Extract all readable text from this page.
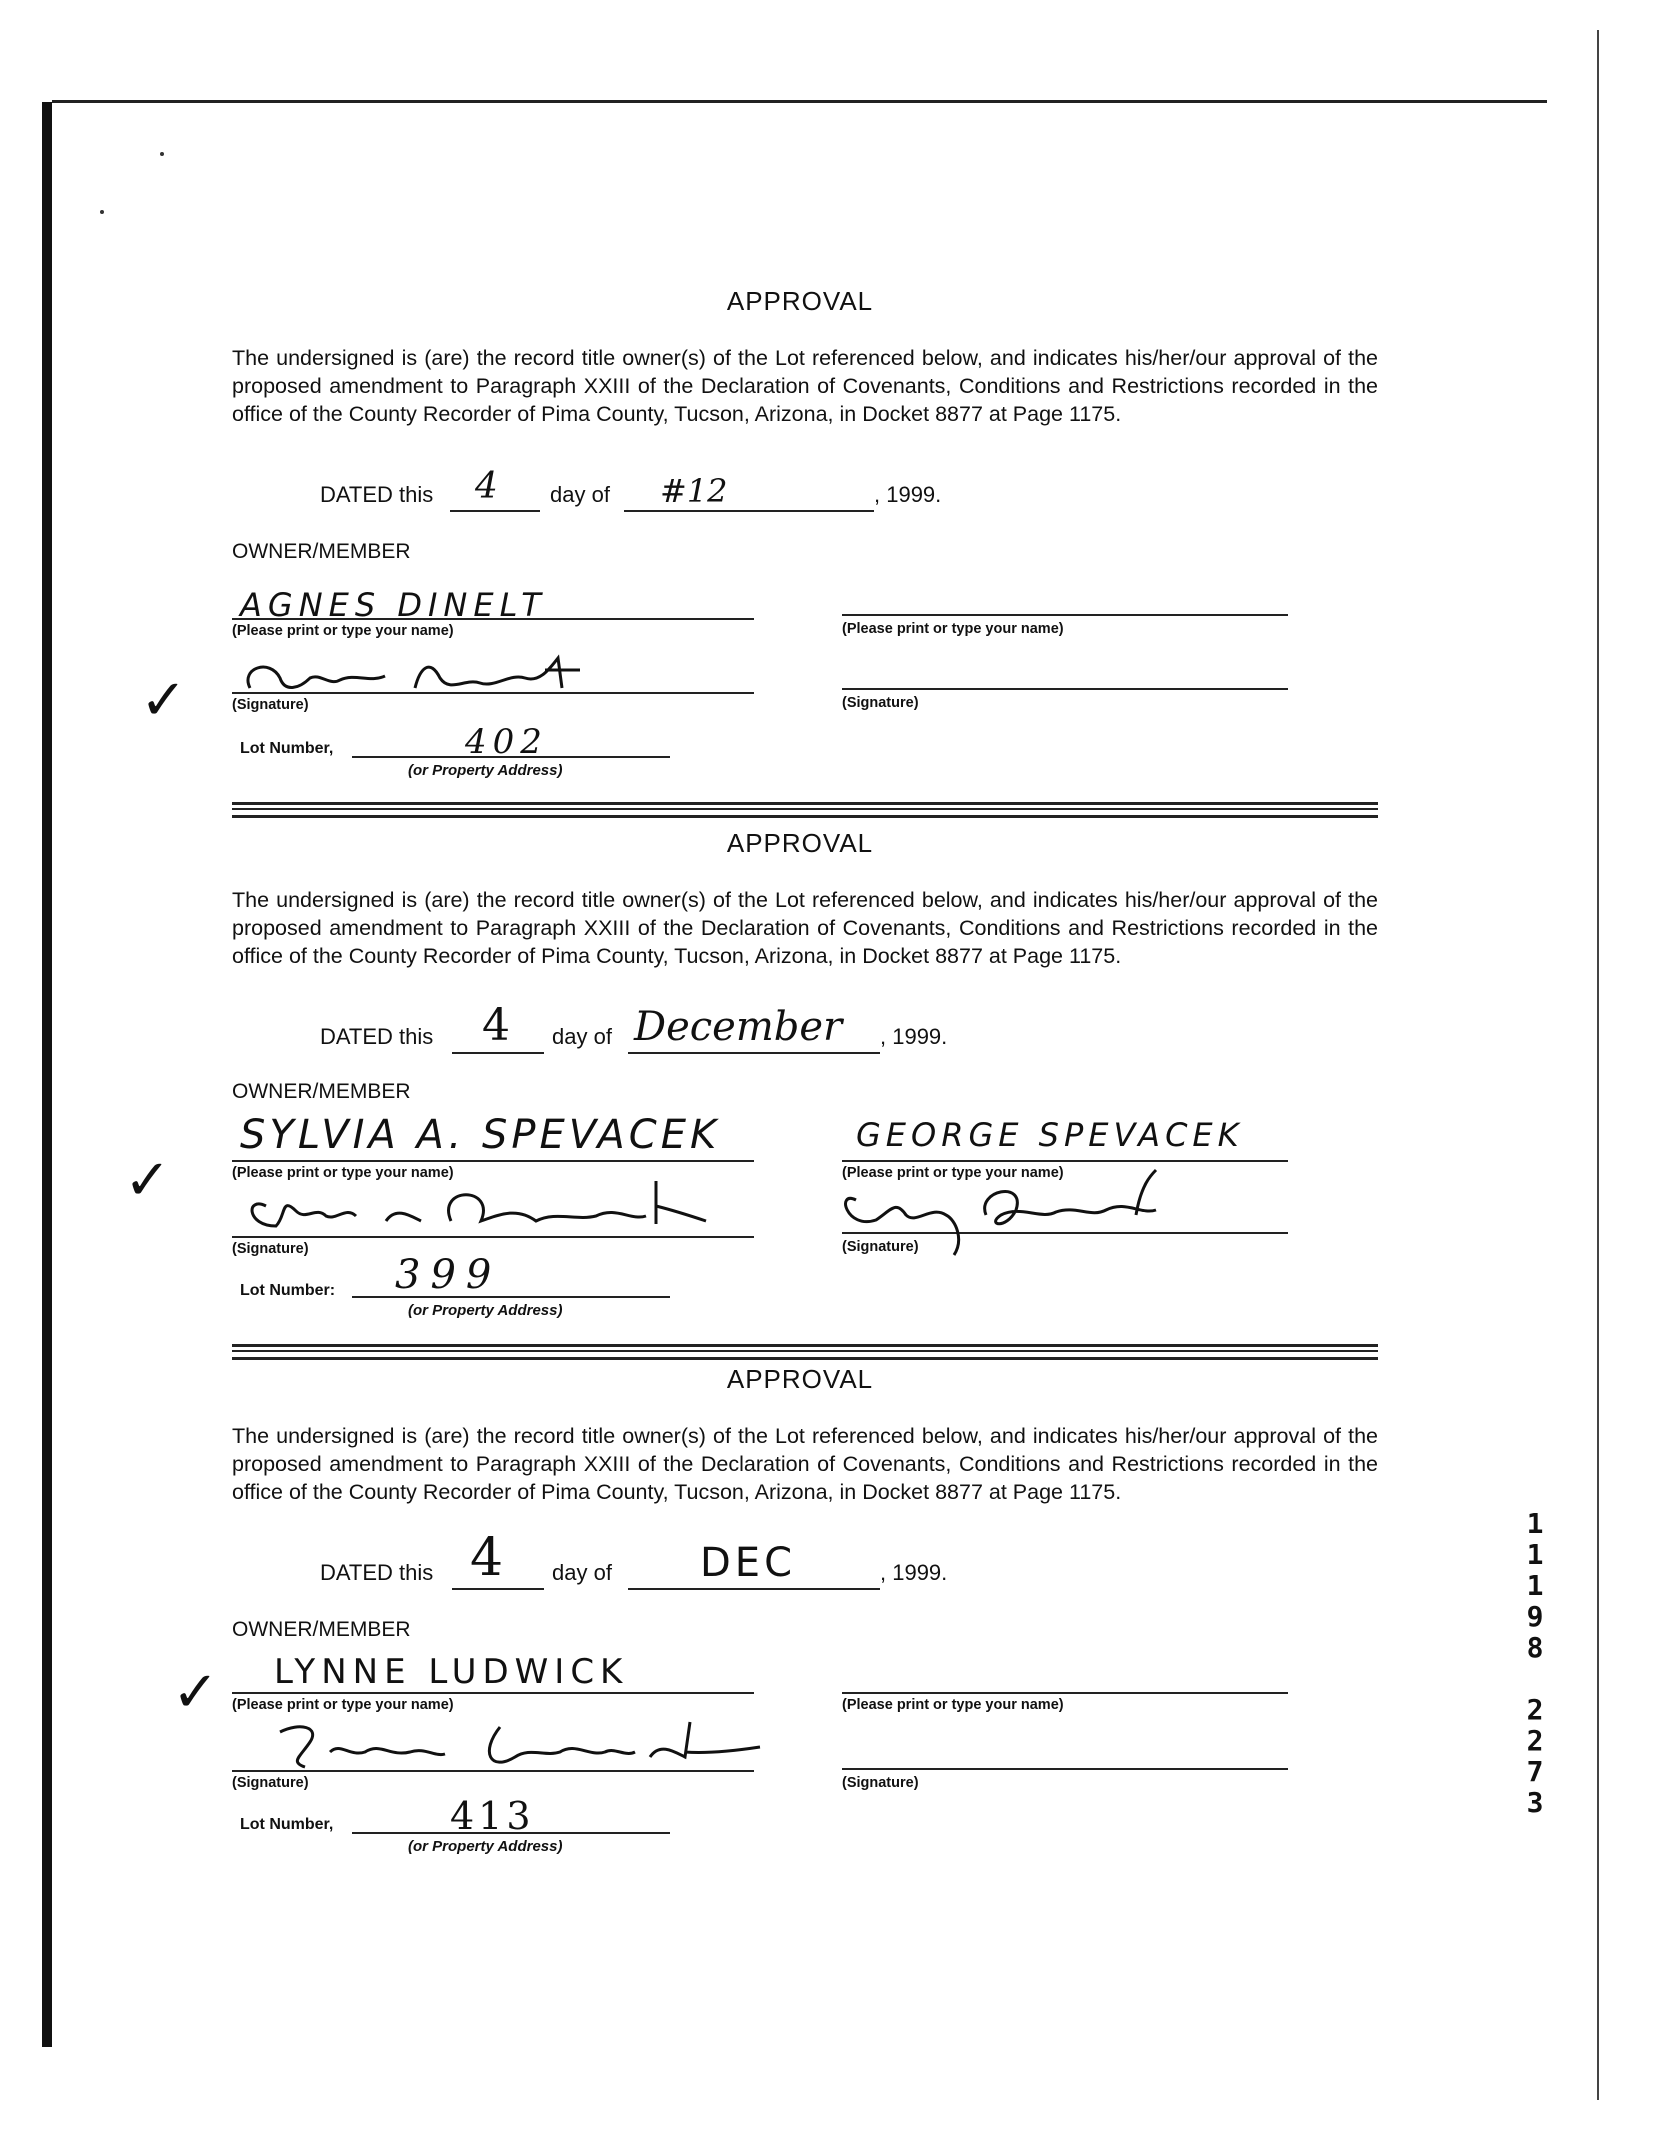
APPROVAL
The undersigned is (are) the record title owner(s) of the Lot referenced below, and indicates his/her/our approval of the proposed amendment to Paragraph XXIII of the Declaration of Covenants, Conditions and Restrictions recorded in the office of the County Recorder of Pima County, Tucson, Arizona, in Docket 8877 at Page 1175.
DATED this 4 day of #12	, 1999.
OWNER/MEMBER
AGNES DINELT
(Please print or type your name)	(Please print or type your name)
✓	(Signature)	(Signature)
Lot Number,	402
(or Property Address)
APPROVAL
The undersigned is (are) the record title owner(s) of the Lot referenced below, and indicates his/her/our approval of the proposed amendment to Paragraph XXIII of the Declaration of Covenants, Conditions and Restrictions recorded in the office of the County Recorder of Pima County, Tucson, Arizona, in Docket 8877 at Page 1175.
DATED this 4 day of December , 1999.
OWNER/MEMBER
SYLVIA A. SPEVACEK
(Please print or type your name)
GEORGE SPEVACEK
(Please print or type your name)
✓
(Signature)	(Signature)
Lot Number: 399
(or Property Address)
APPROVAL
The undersigned is (are) the record title owner(s) of the Lot referenced below, and indicates his/her/our approval of the proposed amendment to Paragraph XXIII of the Declaration of Covenants, Conditions and Restrictions recorded in the office of the County Recorder of Pima County, Tucson, Arizona, in Docket 8877 at Page 1175.
DATED this 4 day of DEC	, 1999.
OWNER/MEMBER
✓ LYNNE LUDWICK
(Please print or type your name)	(Please print or type your name)
(Signature)	(Signature)
Lot Number,	413
(or Property Address)
1
1
1
9
8
2
2
7
3
